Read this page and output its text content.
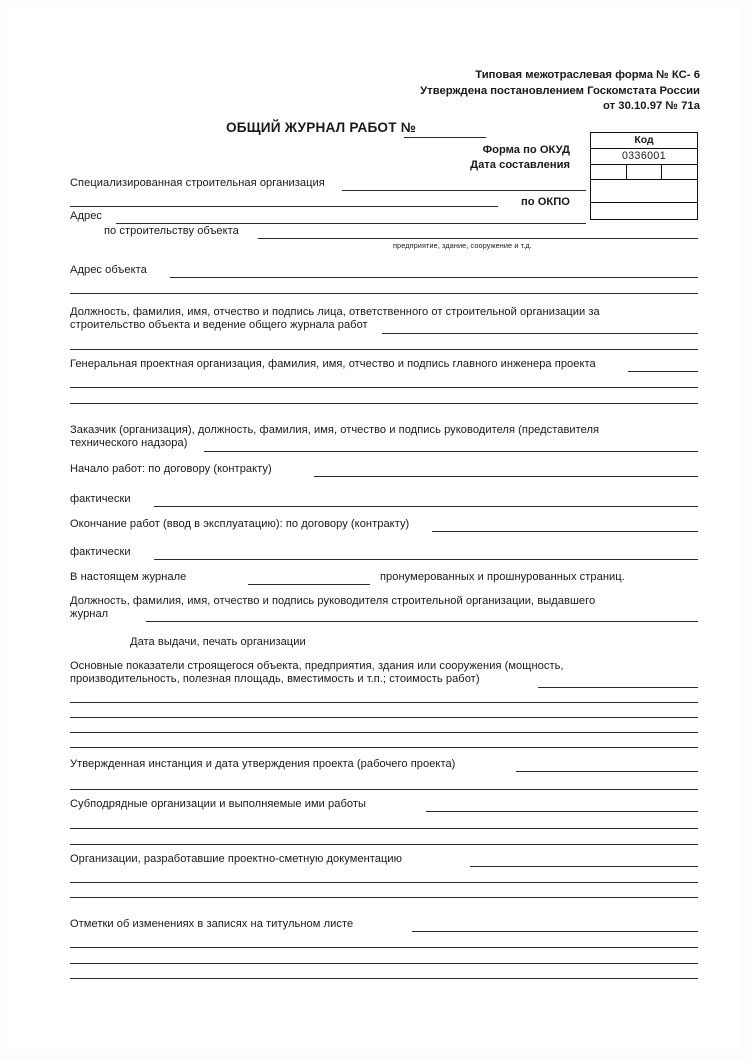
Типовая межотраслевая форма № КС- 6
Утверждена постановлением Госкомстата России
от 30.10.97 № 71а
ОБЩИЙ ЖУРНАЛ РАБОТ №
Форма по ОКУД
Дата составления
по ОКПО
Код
0336001
Специализированная строительная организация
Адрес
по строительству объекта
предприятие, здание, сооружение и т.д.
Адрес объекта
Должность, фамилия, имя, отчество и подпись лица, ответственного от строительной организации за
строительство объекта и ведение общего журнала работ
Генеральная проектная организация, фамилия, имя, отчество и подпись главного инженера проекта
Заказчик (организация), должность, фамилия, имя, отчество и подпись руководителя (представителя
технического надзора)
Начало работ: по договору (контракту)
фактически
Окончание работ (ввод в эксплуатацию): по договору (контракту)
фактически
В настоящем журнале	пронумерованных и прошнурованных страниц.
Должность, фамилия, имя, отчество и подпись руководителя строительной организации, выдавшего
журнал
Дата выдачи, печать организации
Основные показатели строящегося объекта, предприятия, здания или сооружения (мощность,
производительность, полезная площадь, вместимость и т.п.; стоимость работ)
Утвержденная инстанция и дата утверждения проекта (рабочего проекта)
Субподрядные организации и выполняемые ими работы
Организации, разработавшие проектно-сметную документацию
Отметки об изменениях в записях на титульном листе
